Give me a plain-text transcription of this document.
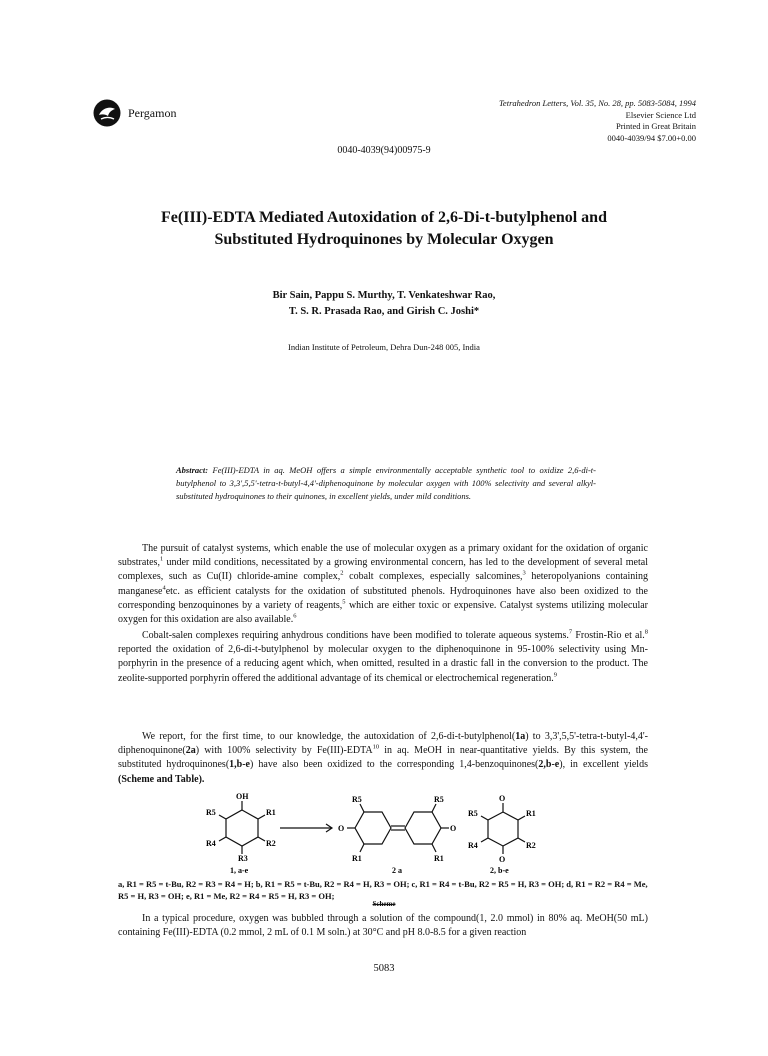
Pergamon
Tetrahedron Letters, Vol. 35, No. 28, pp. 5083-5084, 1994
Elsevier Science Ltd
Printed in Great Britain
0040-4039/94 $7.00+0.00
0040-4039(94)00975-9
Fe(III)-EDTA Mediated Autoxidation of 2,6-Di-t-butylphenol and
Substituted Hydroquinones by Molecular Oxygen
Bir Sain, Pappu S. Murthy, T. Venkateshwar Rao,
T. S. R. Prasada Rao, and Girish C. Joshi*
Indian Institute of Petroleum, Dehra Dun-248 005, India
Abstract: Fe(III)-EDTA in aq. MeOH offers a simple environmentally acceptable synthetic tool to oxidize 2,6-di-t-butylphenol to 3,3',5,5'-tetra-t-butyl-4,4'-diphenoquinone by molecular oxygen with 100% selectivity and several alkyl-substituted hydroquinones to their quinones, in excellent yields, under mild conditions.
The pursuit of catalyst systems, which enable the use of molecular oxygen as a primary oxidant for the oxidation of organic substrates,$^1$ under mild conditions, necessitated by a growing environmental concern, has led to the development of several metal complexes, such as Cu(II) chloride-amine complex,$^2$ cobalt complexes, especially salcomines,$^3$ heteropolyanions containing manganese$^4$etc. as efficient catalysts for the oxidation of substituted phenols. Hydroquinones have also been oxidized to the corresponding benzoquinones by a variety of reagents,$^5$ which are either toxic or expensive. Catalyst systems utilizing molecular oxygen for this oxidation are also available.$^6$
Cobalt-salen complexes requiring anhydrous conditions have been modified to tolerate aqueous systems.$^7$ Frostin-Rio et al.$^8$ reported the oxidation of 2,6-di-t-butylphenol by molecular oxygen to the diphenoquinone in 95-100% selectivity using Mn-porphyrin in the presence of a reducing agent which, when omitted, resulted in a drastic fall in the conversion to the product. The zeolite-supported porphyrin offered the additional advantage of its chemical or electrochemical regeneration.$^9$
We report, for the first time, to our knowledge, the autoxidation of 2,6-di-t-butylphenol(1a) to 3,3',5,5'-tetra-t-butyl-4,4'-diphenoquinone(2a) with 100% selectivity by Fe(III)-EDTA$^{10}$ in aq. MeOH in near-quantitative yields. By this system, the substituted hydroquinones(1,b-e) have also been oxidized to the corresponding 1,4-benzoquinones(2,b-e), in excellent yields (Scheme and Table).
OH
R1
R2
R3
R4
R5
1, a-e
O	O
R5
R1
R5
R1
2 a
O
O
R1
R2
R4
R5
2, b-e
a, R1 = R5 = t-Bu, R2 = R3 = R4 = H; b, R1 = R5 = t-Bu, R2 = R4 = H, R3 = OH; c, R1 = R4 = t-Bu, R2 = R5 = H, R3 = OH; d, R1 = R2 = R4 = Me, R5 = H, R3 = OH; e, R1 = Me, R2 = R4 = R5 = H, R3 = OH;
Scheme
In a typical procedure, oxygen was bubbled through a solution of the compound(1, 2.0 mmol) in 80% aq. MeOH(50 mL) containing Fe(III)-EDTA (0.2 mmol, 2 mL of 0.1 M soln.) at 30°C and pH 8.0-8.5 for a given reaction
5083
